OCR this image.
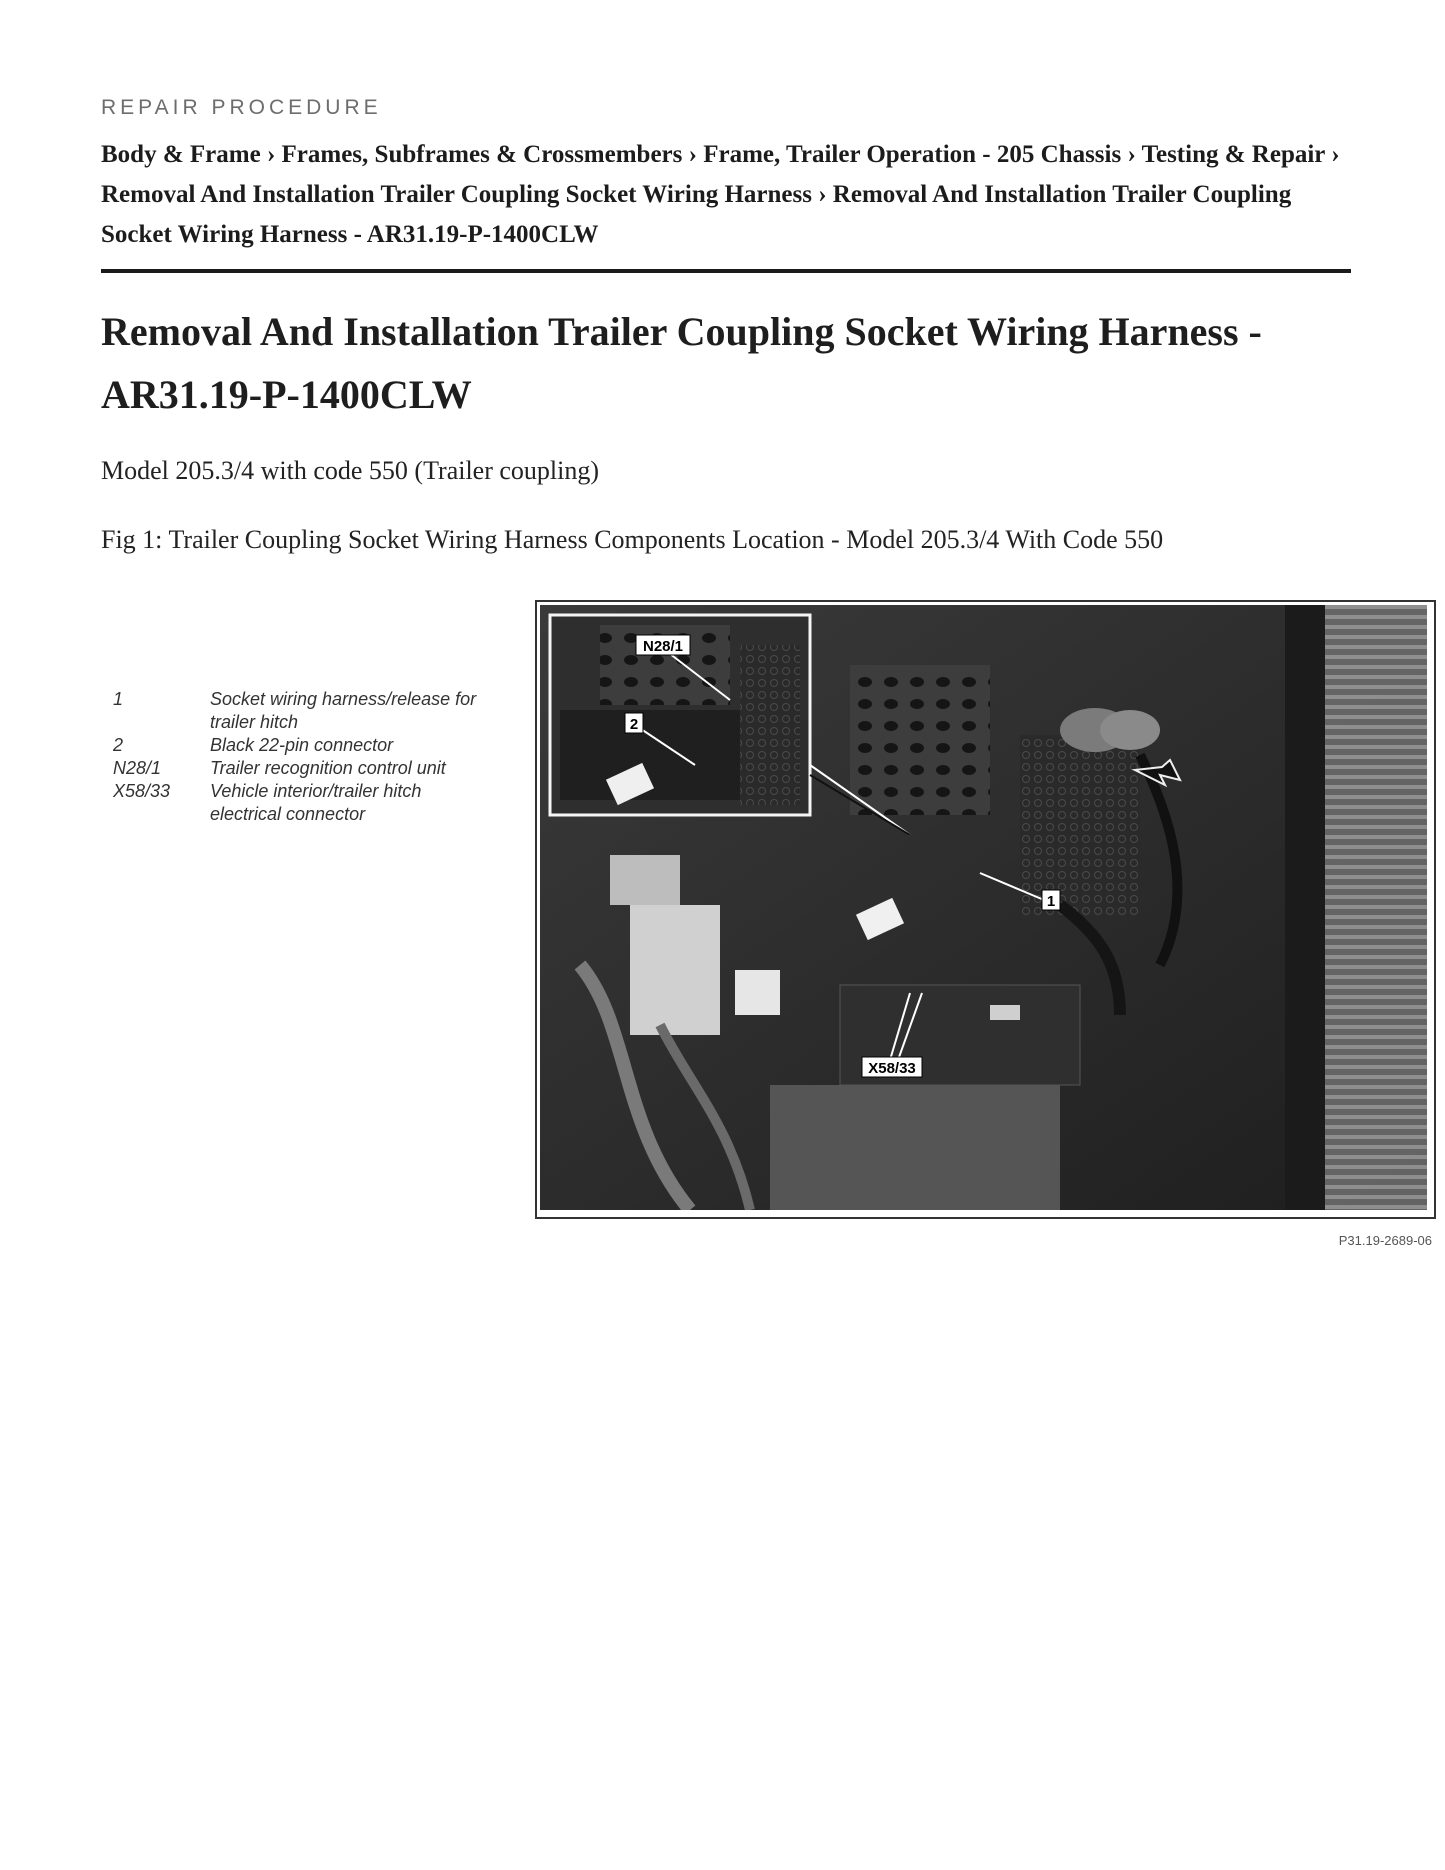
REPAIR PROCEDURE
Body & Frame › Frames, Subframes & Crossmembers › Frame, Trailer Operation - 205 Chassis › Testing & Repair › Removal And Installation Trailer Coupling Socket Wiring Harness › Removal And Installation Trailer Coupling Socket Wiring Harness - AR31.19-P-1400CLW
Removal And Installation Trailer Coupling Socket Wiring Harness - AR31.19-P-1400CLW
Model 205.3/4 with code 550 (Trailer coupling)
Fig 1: Trailer Coupling Socket Wiring Harness Components Location - Model 205.3/4 With Code 550
1	Socket wiring harness/release for trailer hitch
2	Black 22-pin connector
N28/1	Trailer recognition control unit
X58/33	Vehicle interior/trailer hitch electrical connector
N28/1
2
1
X58/33
P31.19-2689-06
